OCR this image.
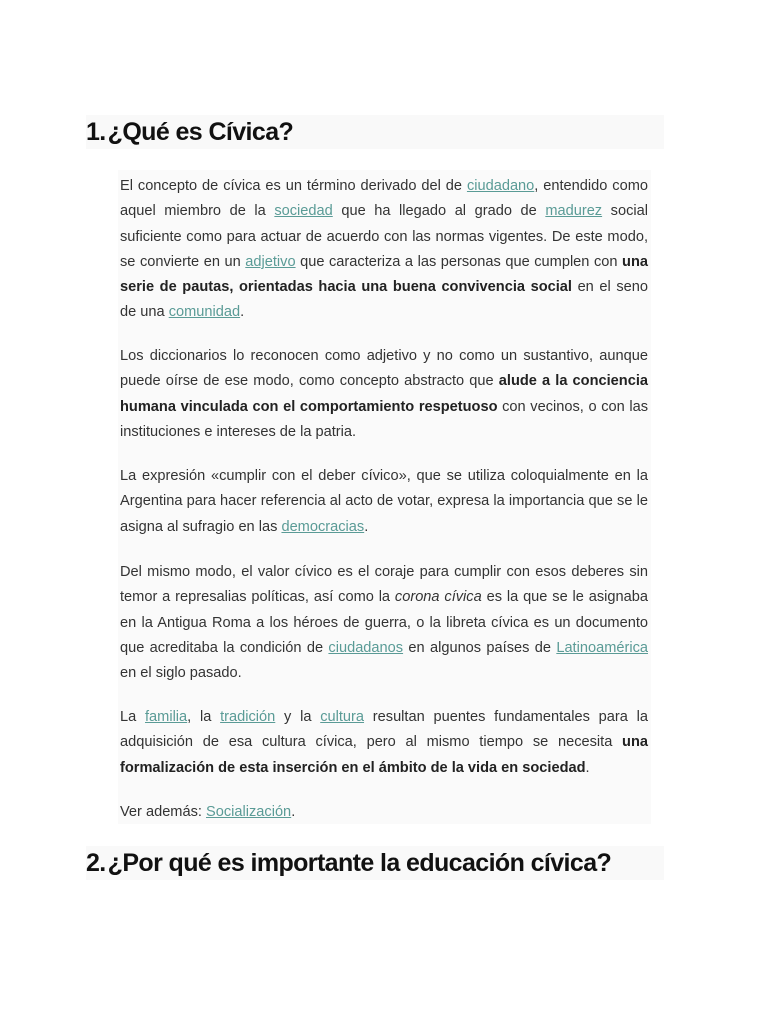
1.¿Qué es Cívica?

El concepto de cívica es un término derivado del de ciudadano, entendido como aquel miembro de la sociedad que ha llegado al grado de madurez social suficiente como para actuar de acuerdo con las normas vigentes. De este modo, se convierte en un adjetivo que caracteriza a las personas que cumplen con una serie de pautas, orientadas hacia una buena convivencia social en el seno de una comunidad.

Los diccionarios lo reconocen como adjetivo y no como un sustantivo, aunque puede oírse de ese modo, como concepto abstracto que alude a la conciencia humana vinculada con el comportamiento respetuoso con vecinos, o con las instituciones e intereses de la patria.

La expresión «cumplir con el deber cívico», que se utiliza coloquialmente en la Argentina para hacer referencia al acto de votar, expresa la importancia que se le asigna al sufragio en las democracias.

Del mismo modo, el valor cívico es el coraje para cumplir con esos deberes sin temor a represalias políticas, así como la corona cívica es la que se le asignaba en la Antigua Roma a los héroes de guerra, o la libreta cívica es un documento que acreditaba la condición de ciudadanos en algunos países de Latinoamérica en el siglo pasado.

La familia, la tradición y la cultura resultan puentes fundamentales para la adquisición de esa cultura cívica, pero al mismo tiempo se necesita una formalización de esta inserción en el ámbito de la vida en sociedad.

Ver además: Socialización.

2.¿Por qué es importante la educación cívica?
